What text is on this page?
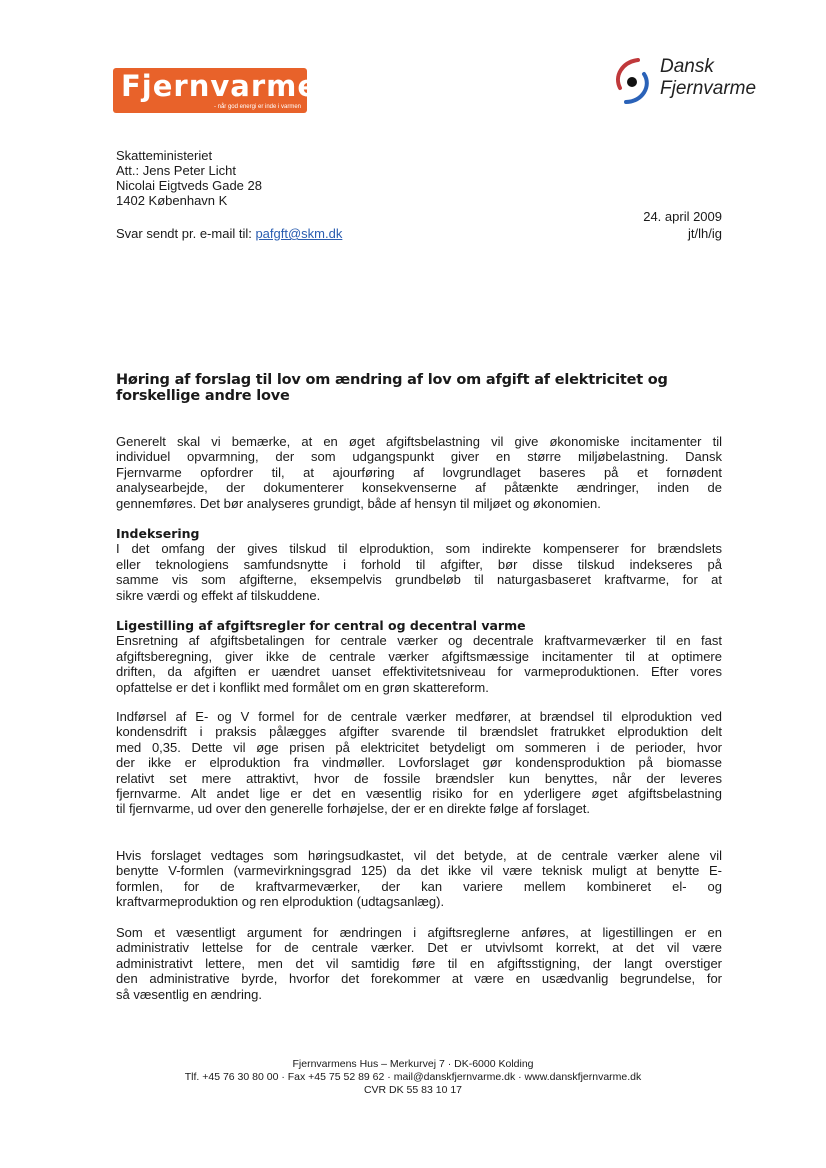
Fjernvarme
- når god energi er inde i varmen
Dansk
Fjernvarme
Skatteministeriet
Att.: Jens Peter Licht
Nicolai Eigtveds Gade 28
1402 København K
Svar sendt pr. e-mail til: pafgft@skm.dk
24. april 2009
jt/lh/ig
Høring af forslag til lov om ændring af lov om afgift af elektricitet og
forskellige andre love
Generelt skal vi bemærke, at en øget afgiftsbelastning vil give økonomiske incitamenter til
individuel opvarmning, der som udgangspunkt giver en større miljøbelastning. Dansk
Fjernvarme opfordrer til, at ajourføring af lovgrundlaget baseres på et fornødent
analysearbejde, der dokumenterer konsekvenserne af påtænkte ændringer, inden de
gennemføres. Det bør analyseres grundigt, både af hensyn til miljøet og økonomien.
Indeksering
I det omfang der gives tilskud til elproduktion, som indirekte kompenserer for brændslets
eller teknologiens samfundsnytte i forhold til afgifter, bør disse tilskud indekseres på
samme vis som afgifterne, eksempelvis grundbeløb til naturgasbaseret kraftvarme, for at
sikre værdi og effekt af tilskuddene.
Ligestilling af afgiftsregler for central og decentral varme
Ensretning af afgiftsbetalingen for centrale værker og decentrale kraftvarmeværker til en fast
afgiftsberegning, giver ikke de centrale værker afgiftsmæssige incitamenter til at optimere
driften, da afgiften er uændret uanset effektivitetsniveau for varmeproduktionen. Efter vores
opfattelse er det i konflikt med formålet om en grøn skattereform.
Indførsel af E- og V formel for de centrale værker medfører, at brændsel til elproduktion ved
kondensdrift i praksis pålægges afgifter svarende til brændslet fratrukket elproduktion delt
med 0,35. Dette vil øge prisen på elektricitet betydeligt om sommeren i de perioder, hvor
der ikke er elproduktion fra vindmøller. Lovforslaget gør kondensproduktion på biomasse
relativt set mere attraktivt, hvor de fossile brændsler kun benyttes, når der leveres
fjernvarme. Alt andet lige er det en væsentlig risiko for en yderligere øget afgiftsbelastning
til fjernvarme, ud over den generelle forhøjelse, der er en direkte følge af forslaget.
Hvis forslaget vedtages som høringsudkastet, vil det betyde, at de centrale værker alene vil
benytte V-formlen (varmevirkningsgrad 125) da det ikke vil være teknisk muligt at benytte E-
formlen, for de kraftvarmeværker, der kan variere mellem kombineret el- og
kraftvarmeproduktion og ren elproduktion (udtagsanlæg).
Som et væsentligt argument for ændringen i afgiftsreglerne anføres, at ligestillingen er en
administrativ lettelse for de centrale værker. Det er utvivlsomt korrekt, at det vil være
administrativt lettere, men det vil samtidig føre til en afgiftsstigning, der langt overstiger
den administrative byrde, hvorfor det forekommer at være en usædvanlig begrundelse, for
så væsentlig en ændring.
Fjernvarmens Hus – Merkurvej 7 · DK-6000 Kolding
Tlf. +45 76 30 80 00 · Fax +45 75 52 89 62 · mail@danskfjernvarme.dk · www.danskfjernvarme.dk
CVR DK 55 83 10 17
